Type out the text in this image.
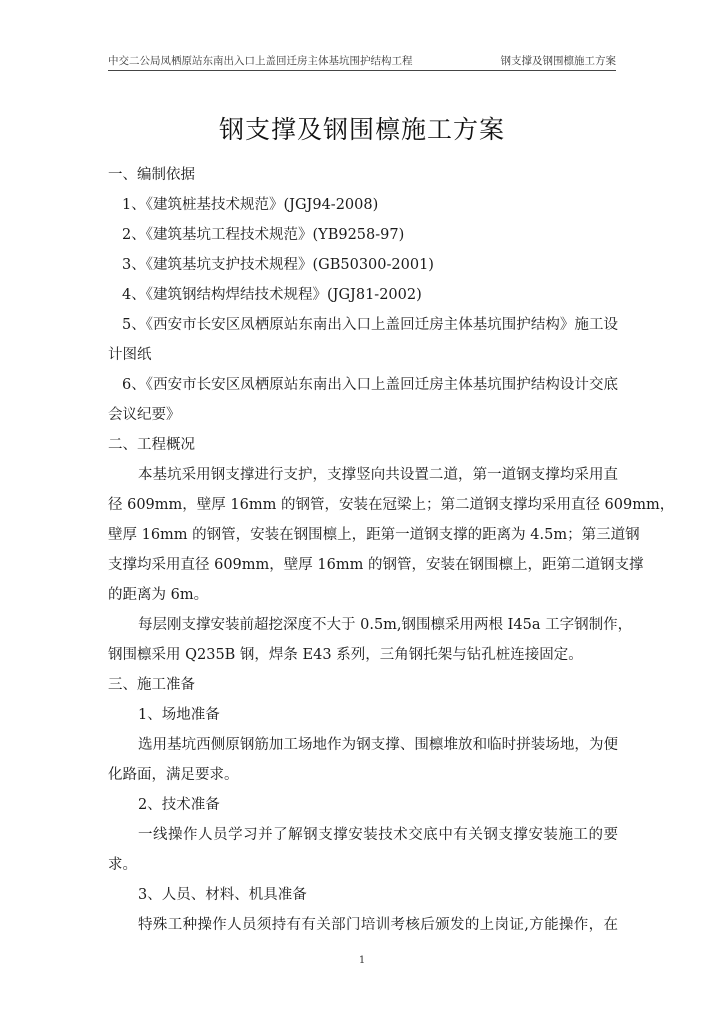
中交二公局凤栖原站东南出入口上盖回迁房主体基坑围护结构工程	钢支撑及钢围檩施工方案
钢支撑及钢围檩施工方案
一、编制依据
1、《建筑桩基技术规范》(JGJ94-2008)
2、《建筑基坑工程技术规范》(YB9258-97)
3、《建筑基坑支护技术规程》(GB50300-2001)
4、《建筑钢结构焊结技术规程》(JGJ81-2002)
5、《西安市长安区凤栖原站东南出入口上盖回迁房主体基坑围护结构》施工设
计图纸
6、《西安市长安区凤栖原站东南出入口上盖回迁房主体基坑围护结构设计交底
会议纪要》
二、工程概况
本基坑采用钢支撑进行支护，支撑竖向共设置二道，第一道钢支撑均采用直
径 609mm，壁厚 16mm 的钢管，安装在冠梁上；第二道钢支撑均采用直径 609mm，
壁厚 16mm 的钢管，安装在钢围檩上，距第一道钢支撑的距离为 4.5m；第三道钢
支撑均采用直径 609mm，壁厚 16mm 的钢管，安装在钢围檩上，距第二道钢支撑
的距离为 6m。
每层刚支撑安装前超挖深度不大于 0.5m,钢围檩采用两根 I45a 工字钢制作，
钢围檩采用 Q235B 钢，焊条 E43 系列，三角钢托架与钻孔桩连接固定。
三、施工准备
1、场地准备
选用基坑西侧原钢筋加工场地作为钢支撑、围檩堆放和临时拼装场地，为便
化路面，满足要求。
2、技术准备
一线操作人员学习并了解钢支撑安装技术交底中有关钢支撑安装施工的要
求。
3、人员、材料、机具准备
特殊工种操作人员须持有有关部门培训考核后颁发的上岗证,方能操作，在
1
